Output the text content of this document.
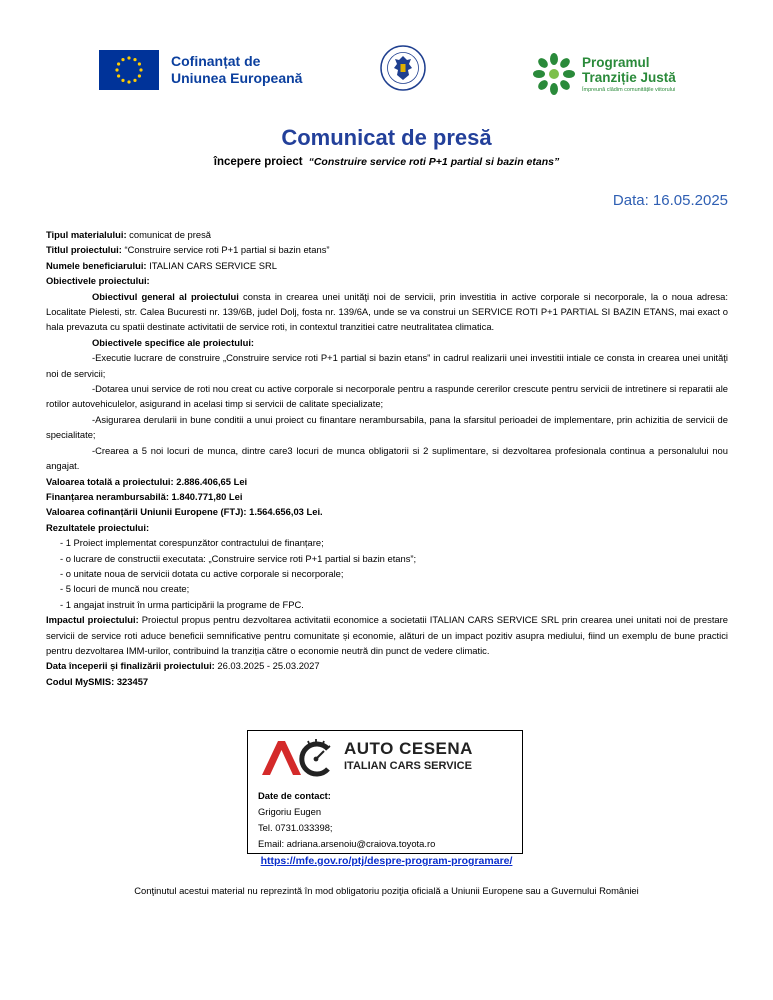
Cofinanțat de
Uniunea Europeană
Programul
Tranziție Justă
Împreună clădim comunitățile viitorului
Comunicat de presă
începere proiect “Construire service roti P+1 partial si bazin etans”
Data: 16.05.2025

Tipul materialului: comunicat de presă

Titlul proiectului: “Construire service roti P+1 partial si bazin etans”

Numele beneficiarului: ITALIAN CARS SERVICE SRL

Obiectivele proiectului:

Obiectivul general al proiectului consta in crearea unei unităţi noi de servicii, prin investitia in active corporale si necorporale, la o noua adresa: Localitate Pielesti, str. Calea Bucuresti nr. 139/6B, judel Dolj, fosta nr. 139/6A, unde se va construi un SERVICE ROTI P+1 PARTIAL SI BAZIN ETANS, mai exact o hala prevazuta cu spatii destinate activitatii de service roti, in contextul tranzitiei catre neutralitatea climatica.

Obiectivele specifice ale proiectului:

-Executie lucrare de construire „Construire service roti P+1 partial si bazin etans” in cadrul realizarii unei investitii intiale ce consta in crearea unei unităţi noi de servicii;

-Dotarea unui service de roti nou creat cu active corporale si necorporale pentru a raspunde cererilor crescute pentru servicii de intretinere si reparatii ale rotilor autovehiculelor, asigurand in acelasi timp si servicii de calitate specializate;

-Asigurarea derularii in bune conditii a unui proiect cu finantare nerambursabila, pana la sfarsitul perioadei de implementare, prin achizitia de servicii de specialitate;

-Crearea a 5 noi locuri de munca, dintre care3 locuri de munca obligatorii si 2 suplimentare, si dezvoltarea profesionala continua a personalului nou angajat.

Valoarea totală a proiectului: 2.886.406,65 Lei

Finanțarea nerambursabilă: 1.840.771,80 Lei

Valoarea cofinanțării Uniunii Europene (FTJ): 1.564.656,03 Lei.

Rezultatele proiectului:

- 1 Proiect implementat corespunzător contractului de finanțare;

- o lucrare de constructii executata: „Construire service roti P+1 partial si bazin etans”;

- o unitate noua de servicii dotata cu active corporale si necorporale;

- 5 locuri de muncă nou create;

- 1 angajat instruit în urma participării la programe de FPC.

Impactul proiectului: Proiectul propus pentru dezvoltarea activitatii economice a societatii ITALIAN CARS SERVICE SRL prin crearea unei unitati noi de prestare servicii de service roti aduce beneficii semnificative pentru comunitate și economie, alături de un impact pozitiv asupra mediului, fiind un exemplu de bune practici pentru dezvoltarea IMM-urilor, contribuind la tranziția către o economie neutră din punct de vedere climatic.

Data începerii și finalizării proiectului: 26.03.2025 - 25.03.2027

Codul MySMIS: 323457

AUTO CESENA
ITALIAN CARS SERVICE
Date de contact:
Grigoriu Eugen
Tel. 0731.033398;
Email: adriana.arsenoiu@craiova.toyota.ro
https://mfe.gov.ro/ptj/despre-program-programare/
Conţinutul acestui material nu reprezintă în mod obligatoriu poziţia oficială a Uniunii Europene sau a Guvernului României
